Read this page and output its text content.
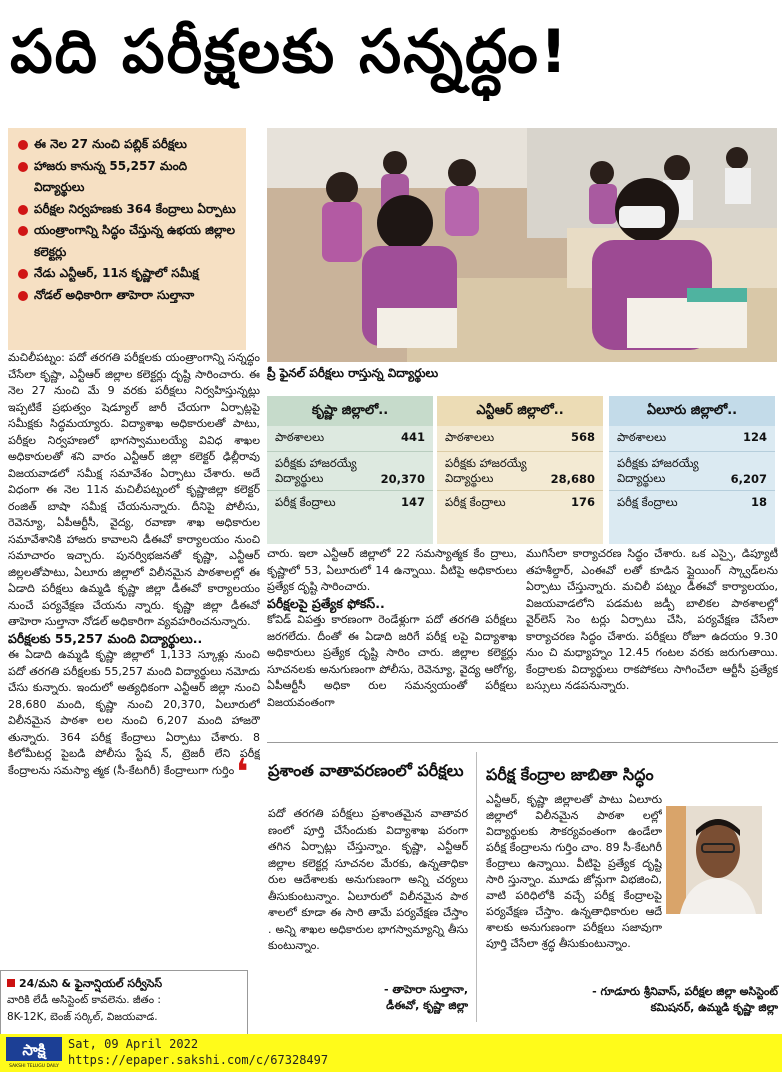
పది పరీక్షలకు సన్నద్ధం!
ఈ నెల 27 నుంచి పబ్లిక్ పరీక్షలు
హాజరు కానున్న 55,257 మంది విద్యార్థులు
పరీక్షల నిర్వహణకు 364 కేంద్రాలు ఏర్పాటు
యంత్రాంగాన్ని సిద్ధం చేస్తున్న ఉభయ జిల్లాల కలెక్టర్లు
నేడు ఎన్టీఆర్, 11న కృష్ణాలో సమీక్ష
నోడల్ అధికారిగా తాహెరా సుల్తానా
ప్రీ ఫైనల్ పరీక్షలు రాస్తున్న విద్యార్థులు
మచిలీపట్నం: పదో తరగతి పరీక్షలకు యంత్రాంగాన్ని సన్నద్ధం చేసేలా కృష్ణా, ఎన్టీఆర్ జిల్లాల కలెక్టర్లు దృష్టి సారించారు. ఈ నెల 27 నుంచి మే 9 వరకు పరీక్షలు నిర్వహిస్తున్నట్లు ఇప్పటికే ప్రభుత్వం షెడ్యూల్ జారీ చేయగా ఏర్పాట్లపై సమీక్షకు సిద్ధమయ్యారు. విద్యాశాఖ అధికారులతో పాటు, పరీక్షల నిర్వహణలో భాగస్వాములయ్యే వివిధ శాఖల అధికారులతో శని వారం ఎన్టీఆర్ జిల్లా కలెక్టర్ ఢిల్లీరావు విజయవాడలో సమీక్ష సమావేశం ఏర్పాటు చేశారు. అదే విధంగా ఈ నెల 11న మచిలీపట్నంలో కృష్ణాజిల్లా కలెక్టర్ రంజిత్ బాషా సమీక్ష చేయనున్నారు. దీనిపై పోలీసు, రెవెన్యూ, ఏపీఆర్టీసీ, వైద్య, రవాణా శాఖ అధికారుల సమావేశానికి హాజరు కావాలని డీఈవో కార్యాలయం నుంచి సమాచారం ఇచ్చారు. పునర్విభజనతో కృష్ణా, ఎన్టీఆర్ జిల్లలతోపాటు, ఏలూరు జిల్లాలో విలీనమైన పాఠశాలల్లో ఈ ఏడాది పరీక్షలు ఉమ్మడి కృష్ణా జిల్లా డీఈవో కార్యాలయం నుంచే పర్యవేక్షణ చేయను న్నారు. కృష్ణా జిల్లా డీఈవో తాహెరా సుల్తానా నోడల్ అధికారిగా వ్యవహరించనున్నారు.
పరీక్షలకు 55,257 మంది విద్యార్థులు..
ఈ ఏడాది ఉమ్మడి కృష్ణా జిల్లాలో 1,133 స్కూళ్లు నుంచి పదో తరగతి పరీక్షలకు 55,257 మంది విద్యార్థులు నమోదు చేసు కున్నారు. ఇందులో అత్యధికంగా ఎన్టీఆర్ జిల్లా నుంచి 28,680 మంది, కృష్ణా నుంచి 20,370, ఏలూరులో విలీనమైన పాఠశా లల నుంచి 6,207 మంది హాజరౌ తున్నారు. 364 పరీక్ష కేంద్రాలు ఏర్పాటు చేశారు. 8 కిలోమీటర్ల పైబడి పోలీసు స్టేష న్, ట్రెజరీ లేని పరీక్ష కేంద్రాలను సమస్యా త్మక (సీ-కేటగిరీ) కేంద్రాలుగా గుర్తిం
కృష్ణా జిల్లాలో..
పాఠశాలలు	441
పరీక్షకు హాజరయ్యే విద్యార్థులు	20,370
పరీక్ష కేంద్రాలు	147
ఎన్టీఆర్ జిల్లాలో..
పాఠశాలలు	568
పరీక్షకు హాజరయ్యే విద్యార్థులు	28,680
పరీక్ష కేంద్రాలు	176
ఏలూరు జిల్లాలో..
పాఠశాలలు	124
పరీక్షకు హాజరయ్యే విద్యార్థులు	6,207
పరీక్ష కేంద్రాలు	18
చారు. ఇలా ఎన్టీఆర్ జిల్లాలో 22 సమస్యాత్మక కేం ద్రాలు, కృష్ణాలో 53, ఏలూరులో 14 ఉన్నాయి. వీటిపై అధికారులు ప్రత్యేక దృష్టి సారించారు.
పరీక్షలపై ప్రత్యేక ఫోకస్..
కోవిడ్ విపత్తు కారణంగా రెండేళ్లుగా పదో తరగతి పరీక్షలు జరగలేదు. దీంతో ఈ ఏడాది జరిగే పరీక్ష లపై విద్యాశాఖ అధికారులు ప్రత్యేక దృష్టి సారిం చారు. జిల్లాల కలెక్టర్లు సూచనలకు అనుగుణంగా పోలీసు, రెవెన్యూ, వైద్య ఆరోగ్య, ఏపీఆర్టీసీ అధికా రుల సమన్వయంతో పరీక్షలు విజయవంతంగా
ముగిసేలా కార్యాచరణ సిద్ధం చేశారు. ఒక ఎస్సై, డిప్యూటీ తహశీల్దార్, ఎంఈవో లతో కూడిన ప్లైయింగ్ స్క్వాడ్‌లను ఏర్పాటు చేస్తున్నారు. మచిలీ పట్నం డీఈవో కార్యాలయం, విజయవాడలోని పడమట జడ్పీ బాలికల పాఠశాలల్లో వైర్‌లెస్ సెం టర్లు ఏర్పాటు చేసి, పర్యవేక్షణ చేసేలా కార్యాచరణ సిద్ధం చేశారు. పరీక్షలు రోజూ ఉదయం 9.30 నుం చి మధ్యాహ్నం 12.45 గంటల వరకు జరుగుతాయి. కేంద్రాలకు విద్యార్థులు రాకపోకలు సాగించేలా ఆర్టీసీ ప్రత్యేక బస్సులు నడపనున్నారు.
❛ ప్రశాంత వాతావరణంలో పరీక్షలు
పదో తరగతి పరీక్షలు ప్రశాంతమైన వాతావర ణంలో పూర్తి చేసేందుకు విద్యాశాఖ పరంగా తగిన ఏర్పాట్లు చేస్తున్నాం. కృష్ణా, ఎన్టీఆర్ జిల్లాల కలెక్టర్ల సూచనల మేరకు, ఉన్నతాధికా రుల ఆదేశాలకు అనుగుణంగా అన్ని చర్యలు తీసుకుంటున్నాం. ఏలూరులో విలీనమైన పాఠ శాలలో కూడా ఈ సారి తామే పర్యవేక్షణ చేస్తాం . అన్ని శాఖల అధికారుల భాగస్వామ్యాన్ని తీసు కుంటున్నాం.
- తాహెరా సుల్తానా,
డీఈవో, కృష్ణా జిల్లా
పరీక్ష కేంద్రాల జాబితా సిద్ధం
ఎన్టీఆర్, కృష్ణా జిల్లాలతో పాటు ఏలూరు జిల్లాలో విలీనమైన పాఠశా లల్లో విద్యార్థులకు సౌకర్యవంతంగా ఉండేలా పరీక్ష కేంద్రాలను గుర్తిం చాం. 89 సీ-కేటగిరీ కేంద్రాలు ఉన్నాయి. వీటిపై ప్రత్యేక దృష్టి సారి స్తున్నాం. మూడు జోన్లుగా విభజించి, వాటి పరిధిలోకి వచ్చే పరీక్ష కేంద్రాలపై పర్యవేక్షణ చేస్తాం. ఉన్నతాధికారుల ఆదే శాలకు అనుగుణంగా పరీక్షలు సజావుగా పూర్తి చేసేలా శ్రద్ధ తీసుకుంటున్నాం.
- గూడూరు శ్రీనివాస్, పరీక్షల జిల్లా అసిస్టెంట్
కమిషనర్, ఉమ్మడి కృష్ణా జిల్లా
24/మని & ఫైనాన్షియల్ సర్వీసెస్
వారికి లేడీ అసిస్టెంట్ కావలెను. జీతం :
8K-12K, బెంజ్ సర్కిల్, విజయవాడ.
సాక్షి
SAKSHI TELUGU DAILY
Sat, 09 April 2022
https://epaper.sakshi.com/c/67328497
